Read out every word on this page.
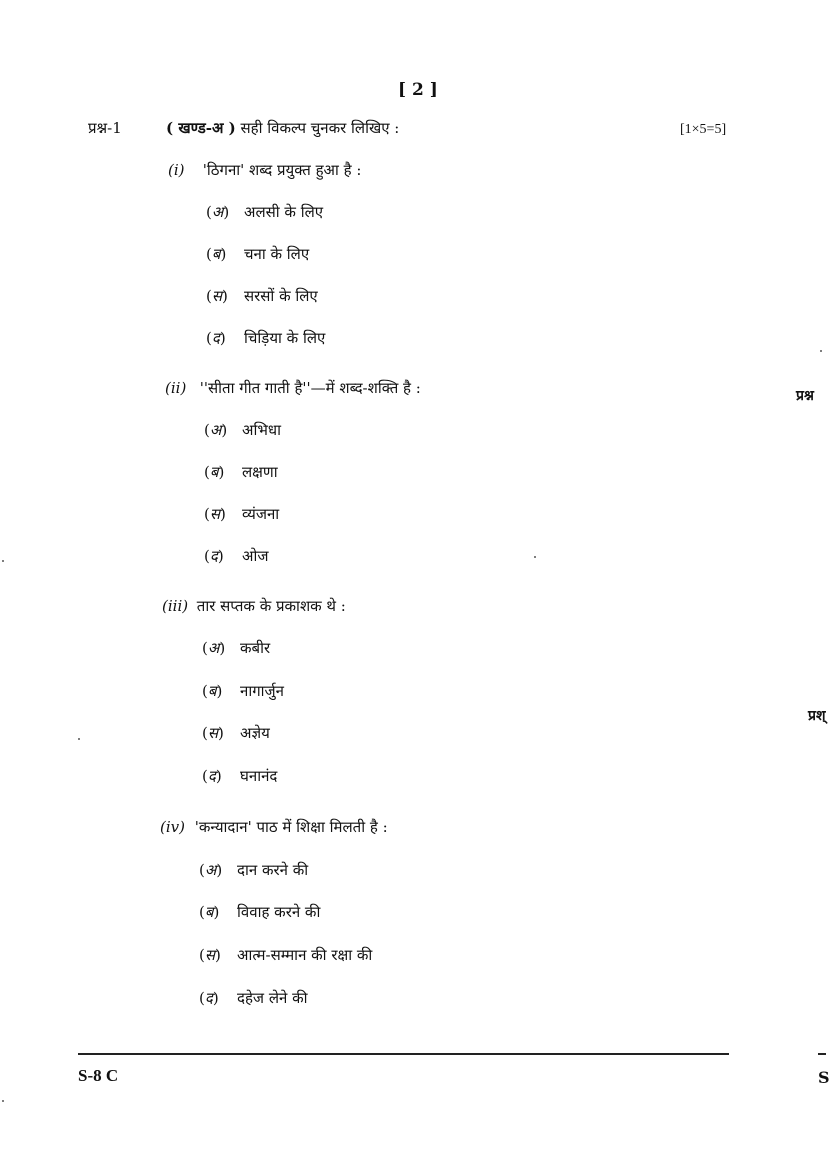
[ 2 ]
प्रश्न-1	( खण्ड-अ ) सही विकल्प चुनकर लिखिए :	[1×5=5]
(i) 'ठिगना' शब्द प्रयुक्त हुआ है :
(अ) अलसी के लिए
(ब) चना के लिए
(स) सरसों के लिए
(द) चिड़िया के लिए
(ii) ''सीता गीत गाती है''—में शब्द-शक्ति है :
(अ) अभिधा
(ब) लक्षणा
(स) व्यंजना
(द) ओज
(iii) तार सप्तक के प्रकाशक थे :
(अ) कबीर
(ब) नागार्जुन
(स) अज्ञेय
(द) घनानंद
(iv) 'कन्यादान' पाठ में शिक्षा मिलती है :
(अ) दान करने की
(ब) विवाह करने की
(स) आत्म-सम्मान की रक्षा की
(द) दहेज लेने की
S-8 C
प्रश्न
प्रश्
S
